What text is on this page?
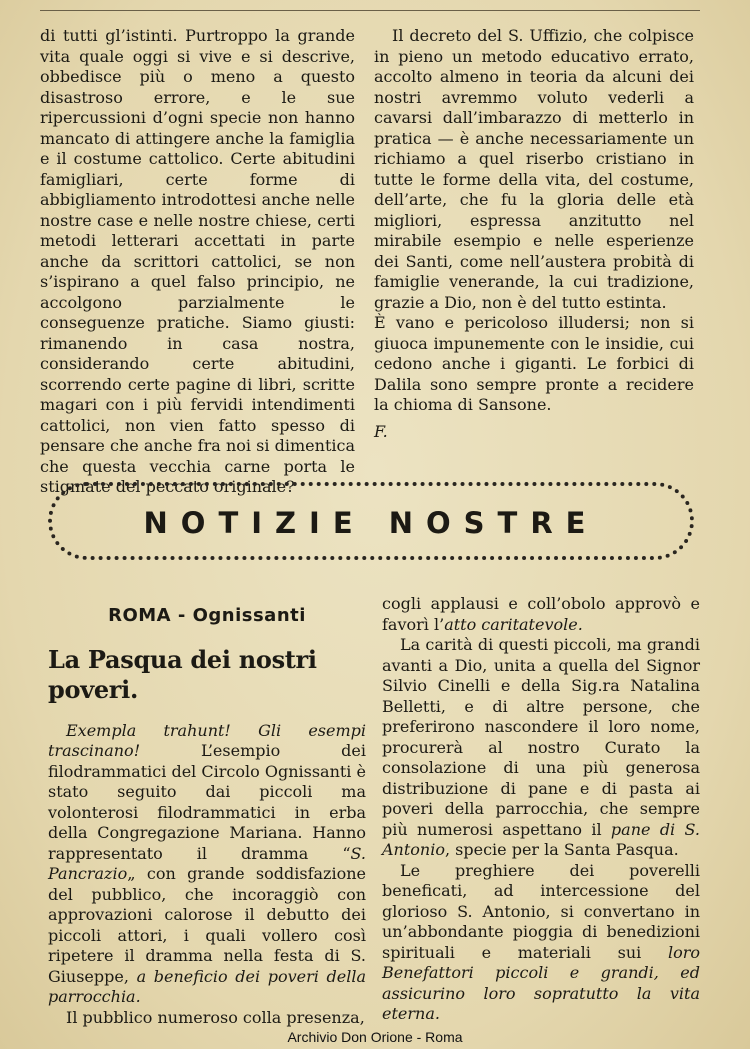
di tutti gl’istinti. Purtroppo la grande vita quale oggi si vive e si descrive, obbedisce più o meno a questo disastroso errore, e le sue ripercussioni d’ogni specie non hanno mancato di attingere anche la famiglia e il costume cattolico. Certe abitudini famigliari, certe forme di abbigliamento introdottesi anche nelle nostre case e nelle nostre chiese, certi metodi letterari accettati in parte anche da scrittori cattolici, se non s’ispirano a quel falso principio, ne accolgono parzialmente le conseguenze pratiche. Siamo giusti: rimanendo in casa nostra, considerando certe abitudini, scorrendo certe pagine di libri, scritte magari con i più fervidi intendimenti cattolici, non vien fatto spesso di pensare che anche fra noi si dimentica che questa vecchia carne porta le stigmate del peccato originale?

Il decreto del S. Uffizio, che colpisce in pieno un metodo educativo errato, accolto almeno in teoria da alcuni dei nostri avremmo voluto vederli a cavarsi dall’imbarazzo di metterlo in pratica — è anche necessariamente un richiamo a quel riserbo cristiano in tutte le forme della vita, del costume, dell’arte, che fu la gloria delle età migliori, espressa anzitutto nel mirabile esempio e nelle esperienze dei Santi, come nell’austera probità di famiglie venerande, la cui tradizione, grazie a Dio, non è del tutto estinta.

È vano e pericoloso illudersi; non si giuoca impunemente con le insidie, cui cedono anche i giganti. Le forbici di Dalila sono sempre pronte a recidere la chioma di Sansone.

F.

NOTIZIE NOSTRE

ROMA - Ognissanti

La Pasqua dei nostri poveri.

Exempla trahunt! Gli esempi trascinano! L’esempio dei filodrammatici del Circolo Ognissanti è stato seguito dai piccoli ma volonterosi filodrammatici in erba della Congregazione Mariana. Hanno rappresentato il dramma “S. Pancrazio„ con grande soddisfazione del pubblico, che incoraggiò con approvazioni calorose il debutto dei piccoli attori, i quali vollero così ripetere il dramma nella festa di S. Giuseppe, a beneficio dei poveri della parrocchia.

Il pubblico numeroso colla presenza,

cogli applausi e coll’obolo approvò e favorì l’atto caritatevole.

La carità di questi piccoli, ma grandi avanti a Dio, unita a quella del Signor Silvio Cinelli e della Sig.ra Natalina Belletti, e di altre persone, che preferirono nascondere il loro nome, procurerà al nostro Curato la consolazione di una più generosa distribuzione di pane e di pasta ai poveri della parrocchia, che sempre più numerosi aspettano il pane di S. Antonio, specie per la Santa Pasqua.

Le preghiere dei poverelli beneficati, ad intercessione del glorioso S. Antonio, si convertano in un’abbondante pioggia di benedizioni spirituali e materiali sui loro Benefattori piccoli e grandi, ed assicurino loro sopratutto la vita eterna.

Archivio Don Orione - Roma
